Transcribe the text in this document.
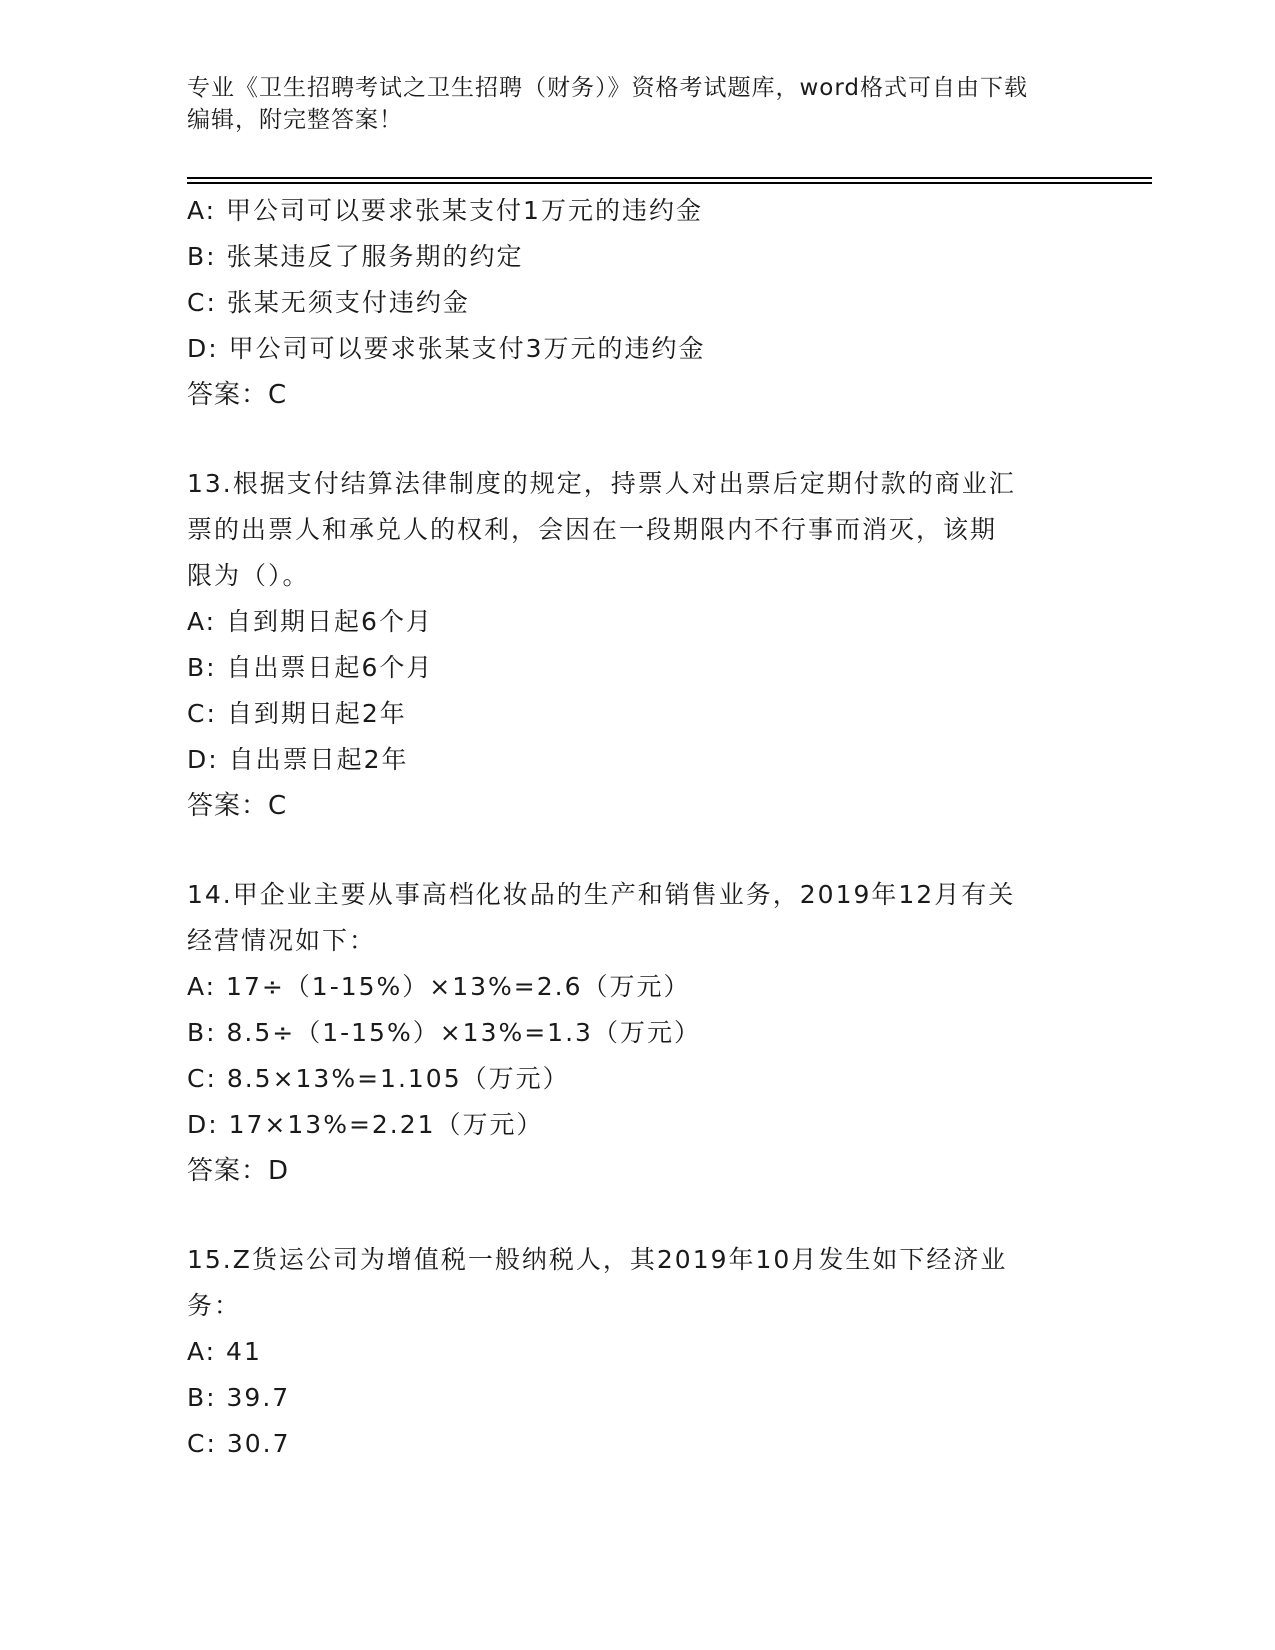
专业《卫生招聘考试之卫生招聘（财务）》资格考试题库，word格式可自由下载
编辑，附完整答案！
A: 甲公司可以要求张某支付1万元的违约金
B: 张某违反了服务期的约定
C: 张某无须支付违约金
D: 甲公司可以要求张某支付3万元的违约金
答案：C
13.根据支付结算法律制度的规定，持票人对出票后定期付款的商业汇
票的出票人和承兑人的权利，会因在一段期限内不行事而消灭，该期
限为（）。
A: 自到期日起6个月
B: 自出票日起6个月
C: 自到期日起2年
D: 自出票日起2年
答案：C
14.甲企业主要从事高档化妆品的生产和销售业务，2019年12月有关
经营情况如下：
A: 17÷（1-15%）×13%=2.6（万元）
B: 8.5÷（1-15%）×13%=1.3（万元）
C: 8.5×13%=1.105（万元）
D: 17×13%=2.21（万元）
答案：D
15.Z货运公司为增值税一般纳税人，其2019年10月发生如下经济业
务：
A: 41
B: 39.7
C: 30.7
